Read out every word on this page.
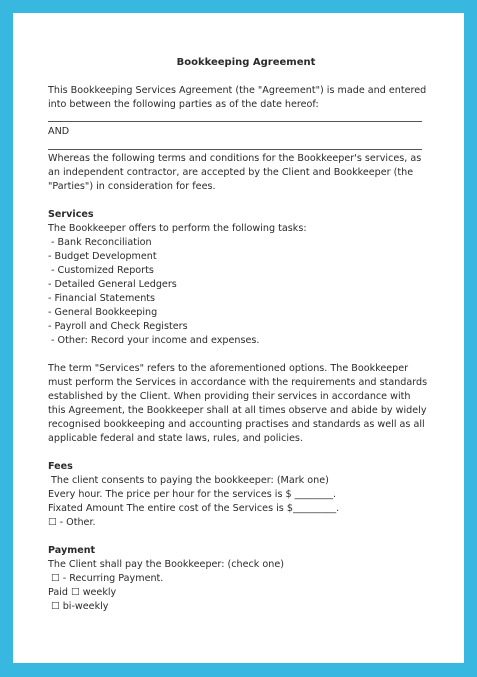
Bookkeeping Agreement
This Bookkeeping Services Agreement (the "Agreement") is made and entered
into between the following parties as of the date hereof:
AND
Whereas the following terms and conditions for the Bookkeeper's services, as
an independent contractor, are accepted by the Client and Bookkeeper (the
"Parties") in consideration for fees.
Services
The Bookkeeper offers to perform the following tasks:
- Bank Reconciliation
- Budget Development
- Customized Reports
- Detailed General Ledgers
- Financial Statements
- General Bookkeeping
- Payroll and Check Registers
- Other: Record your income and expenses.
The term "Services" refers to the aforementioned options. The Bookkeeper
must perform the Services in accordance with the requirements and standards
established by the Client. When providing their services in accordance with
this Agreement, the Bookkeeper shall at all times observe and abide by widely
recognised bookkeeping and accounting practises and standards as well as all
applicable federal and state laws, rules, and policies.
Fees
The client consents to paying the bookkeeper: (Mark one)
Every hour. The price per hour for the services is $ ________.
Fixated Amount The entire cost of the Services is $_________.
☐ - Other.
Payment
The Client shall pay the Bookkeeper: (check one)
☐ - Recurring Payment.
Paid ☐ weekly
☐ bi-weekly
